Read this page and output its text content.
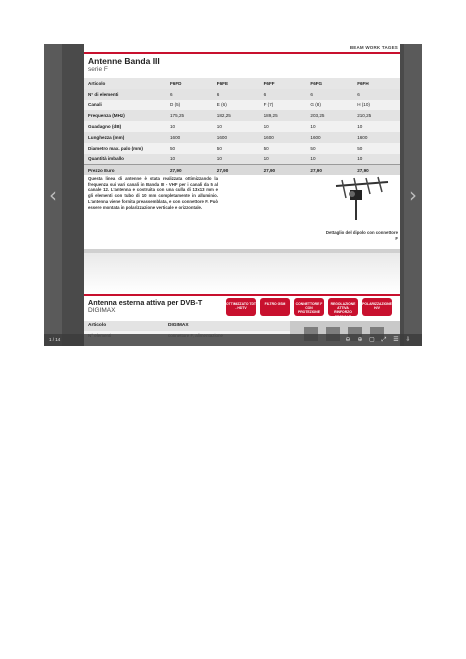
‹	›
BEAM WORK TAGES
Antenne Banda III
serie F
Articolo	F6FD	F6FE	F6FF	F6FG	F6FH
N° di elementi	6	6	6	6	6
Canali	D (5)	E (6)	F (7)	G (8)	H (10)
Frequenza (MHz)	175,25	182,25	189,25	203,25	210,25
Guadagno (dB)	10	10	10	10	10
Lunghezza (mm)	1600	1600	1600	1600	1600
Diametro max. palo (mm)	50	50	50	50	50
Quantità imballo	10	10	10	10	10
Prezzo Euro	27,90	27,90	27,90	27,90	27,90
Questa linea di antenne è stata realizzata ottimizzando la frequenza sui vari canali in Banda III - VHF per i canali da 5 al canale 12. L'antenna e costruita con una culla di 13x13 mm e gli elementi con tubo di 10 mm completamente in alluminio. L'antenna viene fornita preassemblata, e con connettore F. Può essere montata in polarizzazione verticale e orizzontale.
Dettaglio del dipolo con connettore F
Antenna esterna attiva per DVB-T
DIGIMAX
OTTIMIZZATO TDT - HDTV
FILTRO GSM	CONNETTORE F CON PROTEZIONE
REGOLAZIONE ATTIVA RINFORZO SEGNALE
POLARIZZAZIONE H/V
Articolo	DIGIMAX
1 / 14	⊖ ⊕ ▢ ⤢ ☰ ⇩
